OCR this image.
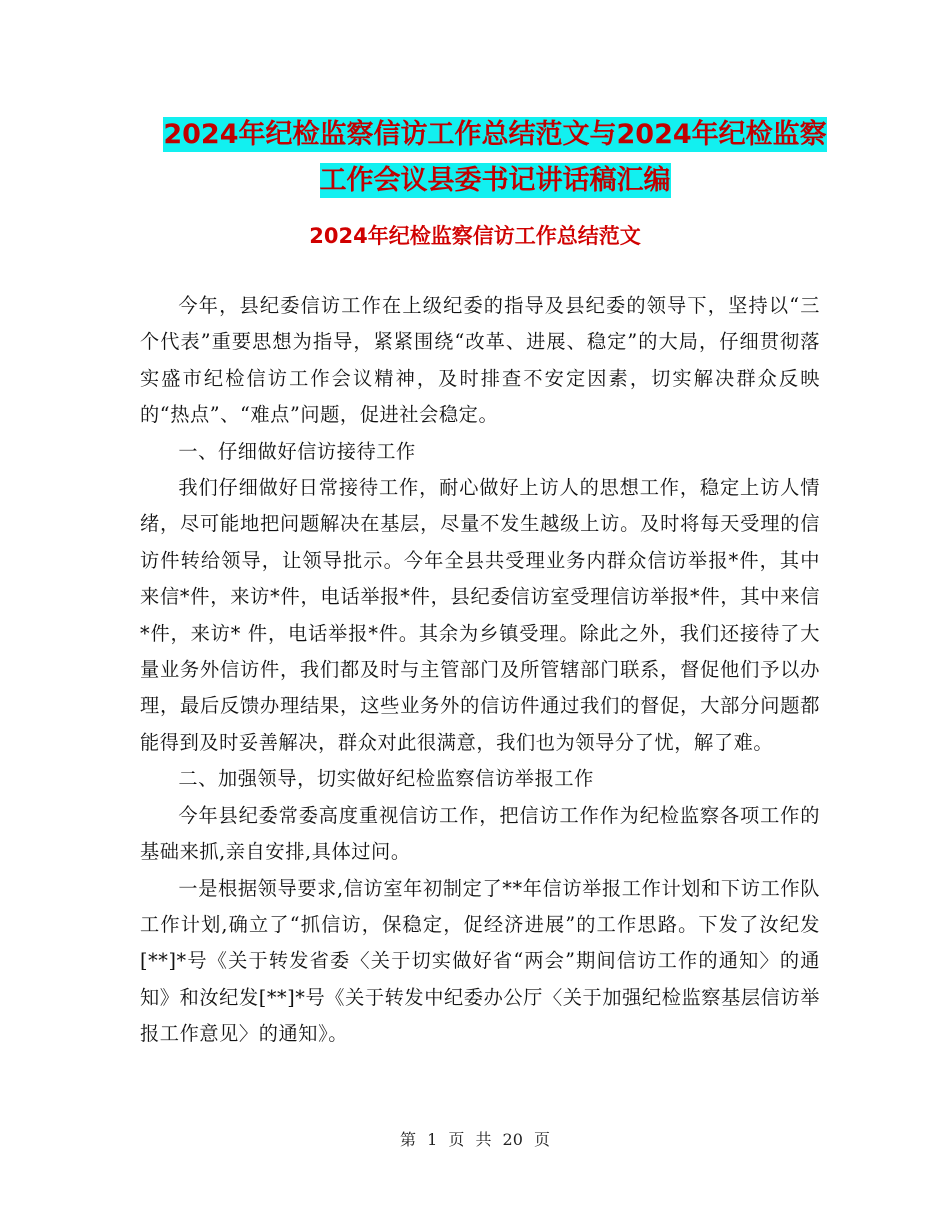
2024年纪检监察信访工作总结范文与2024年纪检监察
工作会议县委书记讲话稿汇编
2024年纪检监察信访工作总结范文

今年，县纪委信访工作在上级纪委的指导及县纪委的领导下，坚持以“三个代表”重要思想为指导，紧紧围绕“改革、进展、稳定”的大局，仔细贯彻落实盛市纪检信访工作会议精神，及时排查不安定因素，切实解决群众反映的“热点”、“难点”问题，促进社会稳定。

一、仔细做好信访接待工作

我们仔细做好日常接待工作，耐心做好上访人的思想工作，稳定上访人情绪，尽可能地把问题解决在基层，尽量不发生越级上访。及时将每天受理的信访件转给领导，让领导批示。今年全县共受理业务内群众信访举报*件，其中来信*件，来访*件，电话举报*件，县纪委信访室受理信访举报*件，其中来信*件，来访* 件，电话举报*件。其余为乡镇受理。除此之外，我们还接待了大量业务外信访件，我们都及时与主管部门及所管辖部门联系，督促他们予以办理，最后反馈办理结果，这些业务外的信访件通过我们的督促，大部分问题都能得到及时妥善解决，群众对此很满意，我们也为领导分了忧，解了难。

二、加强领导，切实做好纪检监察信访举报工作

今年县纪委常委高度重视信访工作，把信访工作作为纪检监察各项工作的基础来抓,亲自安排,具体过问。

一是根据领导要求,信访室年初制定了**年信访举报工作计划和下访工作队工作计划,确立了“抓信访，保稳定，促经济进展”的工作思路。下发了汝纪发[**]*号《关于转发省委〈关于切实做好省“两会”期间信访工作的通知〉的通知》和汝纪发[**]*号《关于转发中纪委办公厅〈关于加强纪检监察基层信访举报工作意见〉的通知》。

第 1 页 共 20 页
